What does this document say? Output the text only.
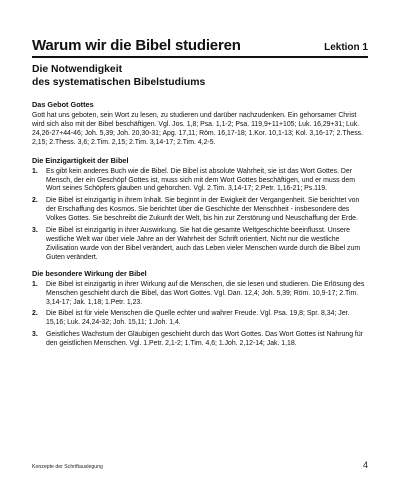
Warum wir die Bibel studieren	Lektion 1
Die Notwendigkeit
des systematischen Bibelstudiums
Das Gebot Gottes

Gott hat uns geboten, sein Wort zu lesen, zu studieren und darüber nachzudenken. Ein gehorsamer Christ wird sich also mit der Bibel beschäftigen. Vgl. Jos. 1,8; Psa. 1,1-2; Psa. 119,9+11+105; Luk. 16,29+31; Luk. 24,26-27+44-46; Joh. 5,39; Joh. 20,30-31; Apg. 17,11; Röm. 16,17-18; 1.Kor. 10,1-13; Kol. 3,16-17; 2.Thess. 2,15; 2.Thess. 3,6; 2.Tim. 2,15; 2.Tim. 3,14-17; 2.Tim. 4,2-5.

Die Einzigartigkeit der Bibel
1.	Es gibt kein anderes Buch wie die Bibel. Die Bibel ist absolute Wahrheit, sie ist das Wort Gottes. Der Mensch, der ein Geschöpf Gottes ist, muss sich mit dem Wort Gottes beschäftigen, und er muss dem Wort seines Schöpfers glauben und gehorchen. Vgl. 2.Tim. 3,14-17; 2.Petr. 1,16-21; Ps.119.
2.	Die Bibel ist einzigartig in ihrem Inhalt. Sie beginnt in der Ewigkeit der Vergangenheit. Sie berichtet von der Erschaffung des Kosmos. Sie berichtet über die Geschichte der Menschheit - insbesondere des Volkes Gottes. Sie beschreibt die Zukunft der Welt, bis hin zur Zerstörung und Neuschaffung der Erde.
3.	Die Bibel ist einzigartig in ihrer Auswirkung. Sie hat die gesamte Weltgeschichte beeinflusst. Unsere westliche Welt war über viele Jahre an der Wahrheit der Schrift orientiert. Nicht nur die westliche Zivilisation wurde von der Bibel verändert, auch das Leben vieler Menschen wurde durch die Bibel zum Guten verändert.
Die besondere Wirkung der Bibel
1.	Die Bibel ist einzigartig in ihrer Wirkung auf die Menschen, die sie lesen und studieren. Die Erlösung des Menschen geschieht durch die Bibel, das Wort Gottes. Vgl. Dan. 12,4; Joh. 5,39; Röm. 10,9-17; 2.Tim. 3,14-17; Jak. 1,18; 1.Petr. 1,23.
2.	Die Bibel ist für viele Menschen die Quelle echter und wahrer Freude. Vgl. Psa. 19,8; Spr. 8,34; Jer. 15,16; Luk. 24,24-32; Joh. 15,11; 1.Joh. 1,4.
3.	Geistliches Wachstum der Gläubigen geschieht durch das Wort Gottes. Das Wort Gottes ist Nahrung für den geistlichen Menschen. Vgl. 1.Petr. 2,1-2; 1.Tim. 4,6; 1.Joh. 2,12-14; Jak. 1,18.
Konzepte der Schriftauslegung	4
